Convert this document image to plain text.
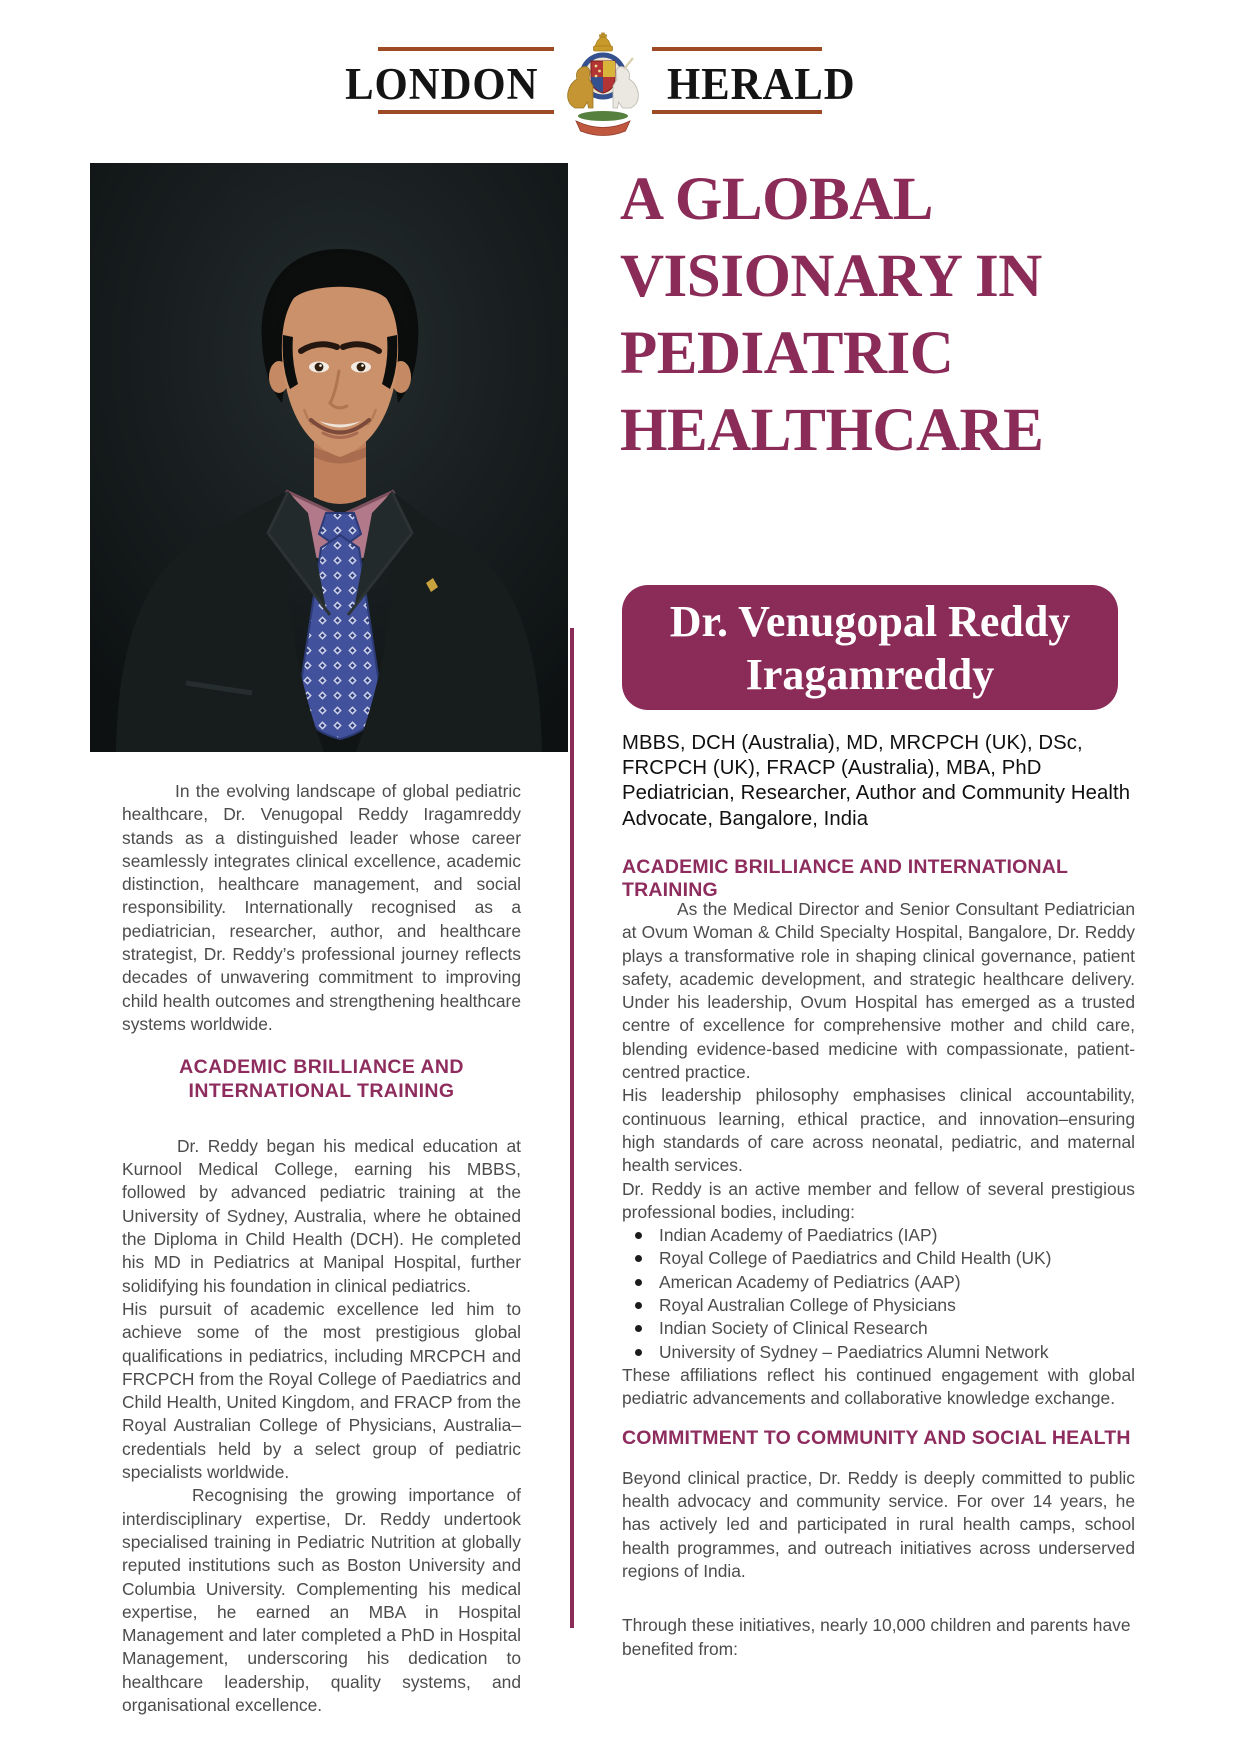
LONDON	HERALD
A GLOBAL
VISIONARY IN
PEDIATRIC
HEALTHCARE
Dr. Venugopal Reddy
Iragamreddy

MBBS, DCH (Australia), MD, MRCPCH (UK), DSc, FRCPCH (UK), FRACP (Australia), MBA, PhD

Pediatrician, Researcher, Author and Community Health Advocate, Bangalore, India

In the evolving landscape of global pediatric healthcare, Dr. Venugopal Reddy Iragamreddy stands as a distinguished leader whose career seamlessly integrates clinical excellence, academic distinction, healthcare management, and social responsibility. Internationally recognised as a pediatrician, researcher, author, and healthcare strategist, Dr. Reddy’s professional journey reflects decades of unwavering commitment to improving child health outcomes and strengthening healthcare systems worldwide.

ACADEMIC BRILLIANCE AND
INTERNATIONAL TRAINING

Dr. Reddy began his medical education at Kurnool Medical College, earning his MBBS, followed by advanced pediatric training at the University of Sydney, Australia, where he obtained the Diploma in Child Health (DCH). He completed his MD in Pediatrics at Manipal Hospital, further solidifying his foundation in clinical pediatrics.

His pursuit of academic excellence led him to achieve some of the most prestigious global qualifications in pediatrics, including MRCPCH and FRCPCH from the Royal College of Paediatrics and Child Health, United Kingdom, and FRACP from the Royal Australian College of Physicians, Australia–credentials held by a select group of pediatric specialists worldwide.

Recognising the growing importance of interdisciplinary expertise, Dr. Reddy undertook specialised training in Pediatric Nutrition at globally reputed institutions such as Boston University and Columbia University. Complementing his medical expertise, he earned an MBA in Hospital Management and later completed a PhD in Hospital Management, underscoring his dedication to healthcare leadership, quality systems, and organisational excellence.

ACADEMIC BRILLIANCE AND INTERNATIONAL TRAINING

As the Medical Director and Senior Consultant Pediatrician at Ovum Woman & Child Specialty Hospital, Bangalore, Dr. Reddy plays a transformative role in shaping clinical governance, patient safety, academic development, and strategic healthcare delivery. Under his leadership, Ovum Hospital has emerged as a trusted centre of excellence for comprehensive mother and child care, blending evidence-based medicine with compassionate, patient-centred practice.

His leadership philosophy emphasises clinical accountability, continuous learning, ethical practice, and innovation–ensuring high standards of care across neonatal, pediatric, and maternal health services.

Dr. Reddy is an active member and fellow of several prestigious professional bodies, including:

Indian Academy of Paediatrics (IAP)
Royal College of Paediatrics and Child Health (UK)
American Academy of Pediatrics (AAP)
Royal Australian College of Physicians
Indian Society of Clinical Research
University of Sydney – Paediatrics Alumni Network

These affiliations reflect his continued engagement with global pediatric advancements and collaborative knowledge exchange.

COMMITMENT TO COMMUNITY AND SOCIAL HEALTH

Beyond clinical practice, Dr. Reddy is deeply committed to public health advocacy and community service. For over 14 years, he has actively led and participated in rural health camps, school health programmes, and outreach initiatives across underserved regions of India.

Through these initiatives, nearly 10,000 children and parents have benefited from:
